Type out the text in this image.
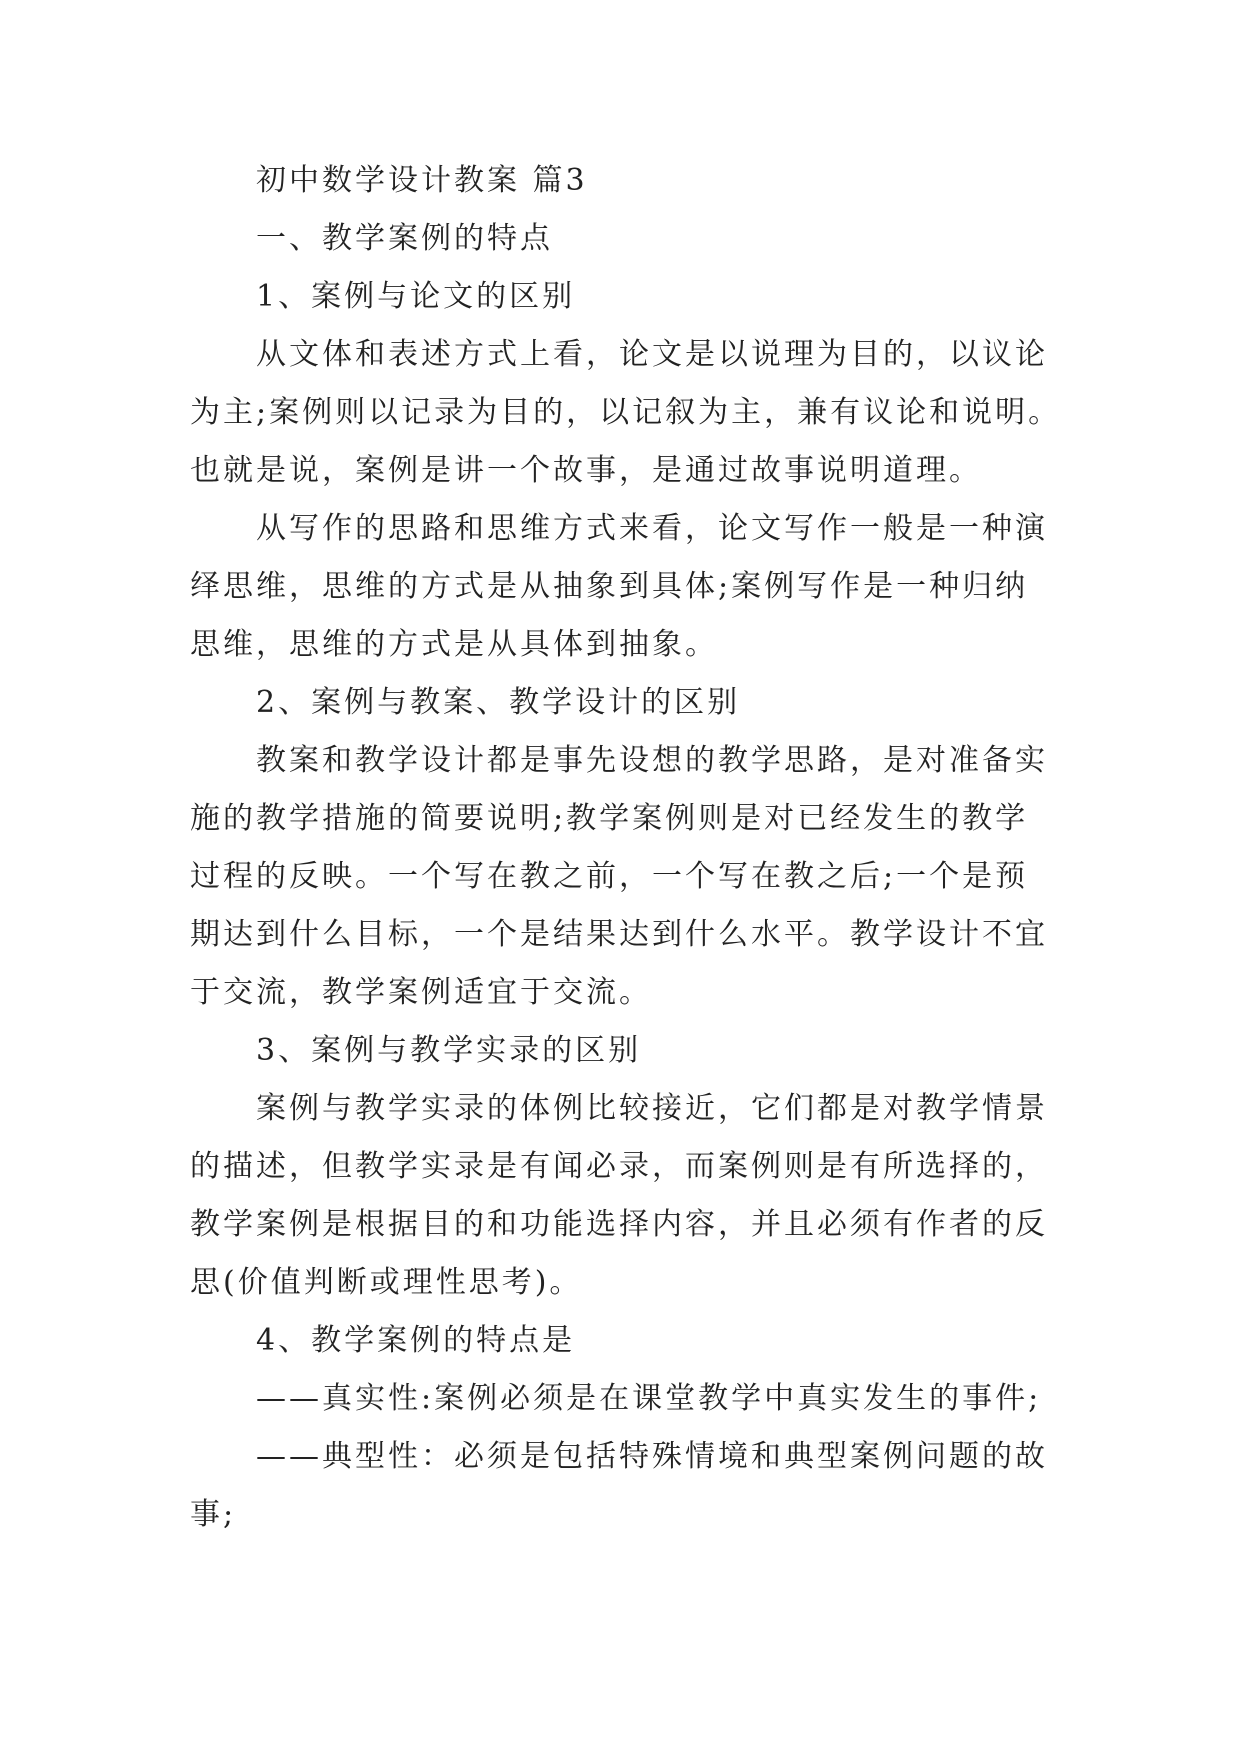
初中数学设计教案 篇3
一、教学案例的特点
1、案例与论文的区别
从文体和表述方式上看，论文是以说理为目的，以议论
为主;案例则以记录为目的，以记叙为主，兼有议论和说明。
也就是说，案例是讲一个故事，是通过故事说明道理。
从写作的思路和思维方式来看，论文写作一般是一种演
绎思维，思维的方式是从抽象到具体;案例写作是一种归纳
思维，思维的方式是从具体到抽象。
2、案例与教案、教学设计的区别
教案和教学设计都是事先设想的教学思路，是对准备实
施的教学措施的简要说明;教学案例则是对已经发生的教学
过程的反映。一个写在教之前，一个写在教之后;一个是预
期达到什么目标，一个是结果达到什么水平。教学设计不宜
于交流，教学案例适宜于交流。
3、案例与教学实录的区别
案例与教学实录的体例比较接近，它们都是对教学情景
的描述，但教学实录是有闻必录，而案例则是有所选择的，
教学案例是根据目的和功能选择内容，并且必须有作者的反
思(价值判断或理性思考)。
4、教学案例的特点是
——真实性:案例必须是在课堂教学中真实发生的事件;
——典型性：必须是包括特殊情境和典型案例问题的故
事;
